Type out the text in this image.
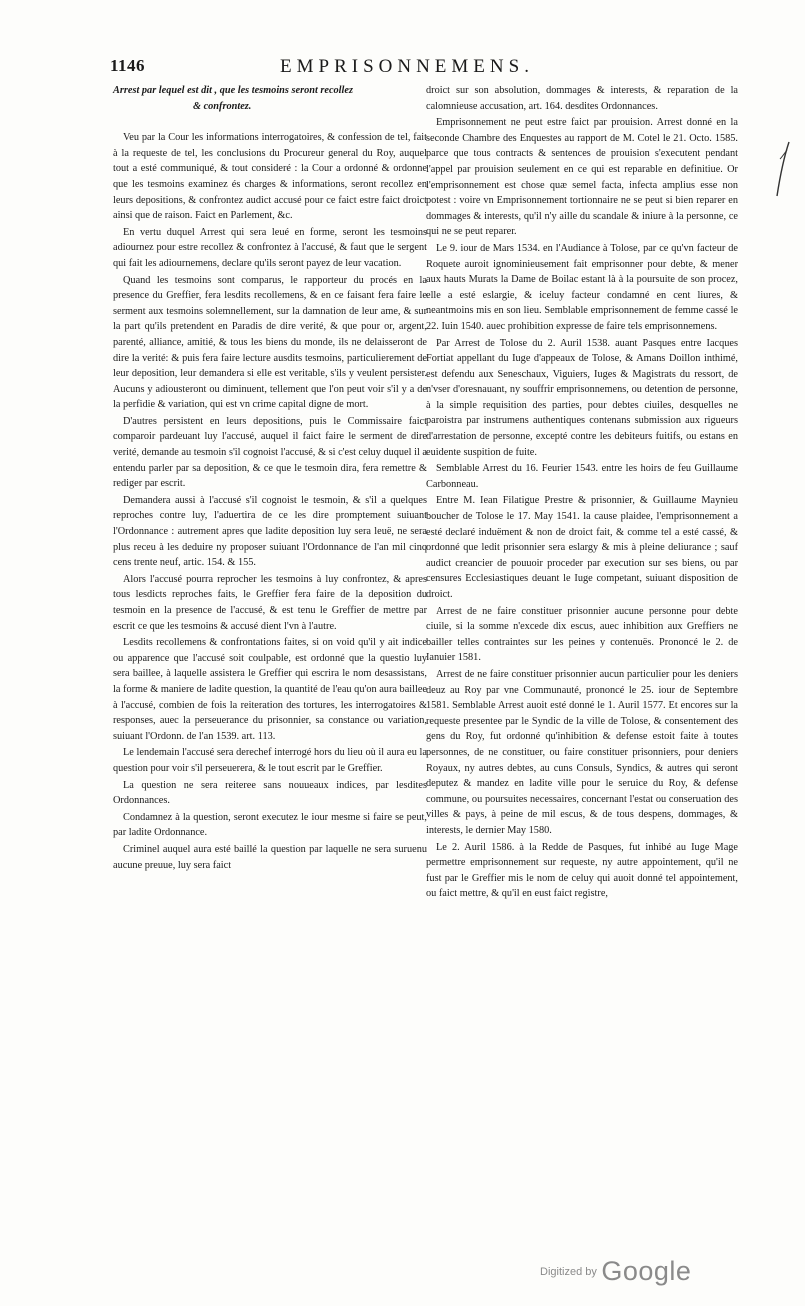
1146	EMPRISONNEMENS.

Arrest par lequel est dit , que les tesmoins seront recollez
& confrontez.

Veu par la Cour les informations interrogatoires, & confession de tel, fait à la requeste de tel, les conclusions du Procureur general du Roy, auquel tout a esté communiqué, & tout consideré : la Cour a ordonné & ordonne que les tesmoins examinez és charges & informations, seront recollez en leurs depositions, & confrontez audict accusé pour ce faict estre faict droict ainsi que de raison. Faict en Parlement, &c.

En vertu duquel Arrest qui sera leué en forme, seront les tesmoins adiournez pour estre recollez & confrontez à l'accusé, & faut que le sergent qui fait les adiournemens, declare qu'ils seront payez de leur vacation.

Quand les tesmoins sont comparus, le rapporteur du procés en la presence du Greffier, fera lesdits recollemens, & en ce faisant fera faire le serment aux tesmoins solemnellement, sur la damnation de leur ame, & sur la part qu'ils pretendent en Paradis de dire verité, & que pour or, argent, parenté, alliance, amitié, & tous les biens du monde, ils ne delaisseront de dire la verité: & puis fera faire lecture ausdits tesmoins, particulierement de leur deposition, leur demandera si elle est veritable, s'ils y veulent persister. Aucuns y adiousteront ou diminuent, tellement que l'on peut voir s'il y a de la perfidie & variation, qui est vn crime capital digne de mort.

D'autres persistent en leurs depositions, puis le Commissaire faict comparoir pardeuant luy l'accusé, auquel il faict faire le serment de dire verité, demande au tesmoin s'il cognoist l'accusé, & si c'est celuy duquel il a entendu parler par sa deposition, & ce que le tesmoin dira, fera remettre & rediger par escrit.

Demandera aussi à l'accusé s'il cognoist le tesmoin, & s'il a quelques reproches contre luy, l'aduertira de ce les dire promptement suiuant l'Ordonnance : autrement apres que ladite deposition luy sera leuë, ne sera plus receu à les deduire ny proposer suiuant l'Ordonnance de l'an mil cinq cens trente neuf, artic. 154. & 155.

Alors l'accusé pourra reprocher les tesmoins à luy confrontez, & apres tous lesdicts reproches faits, le Greffier fera faire de la deposition du tesmoin en la presence de l'accusé, & est tenu le Greffier de mettre par escrit ce que les tesmoins & accusé dient l'vn à l'autre.

Lesdits recollemens & confrontations faites, si on void qu'il y ait indice ou apparence que l'accusé soit coulpable, est ordonné que la questio luy sera baillee, à laquelle assistera le Greffier qui escrira le nom desassistans, la forme & maniere de ladite question, la quantité de l'eau qu'on aura baillee à l'accusé, combien de fois la reiteration des tortures, les interrogatoires & responses, auec la perseuerance du prisonnier, sa constance ou variation, suiuant l'Ordonn. de l'an 1539. art. 113.

Le lendemain l'accusé sera derechef interrogé hors du lieu où il aura eu la question pour voir s'il perseuerera, & le tout escrit par le Greffier.

La question ne sera reiteree sans nouueaux indices, par lesdites Ordonnances.

Condamnez à la question, seront executez le iour mesme si faire se peut, par ladite Ordonnance.

Criminel auquel aura esté baillé la question par laquelle ne sera suruenu aucune preuue, luy sera faict

droict sur son absolution, dommages & interests, & reparation de la calomnieuse accusation, art. 164. desdites Ordonnances.

Emprisonnement ne peut estre faict par prouision. Arrest donné en la seconde Chambre des Enquestes au rapport de M. Cotel le 21. Octo. 1585. parce que tous contracts & sentences de prouision s'executent pendant l'appel par prouision seulement en ce qui est reparable en definitiue. Or l'emprisonnement est chose quæ semel facta, infecta amplius esse non potest : voire vn Emprisonnement tortionnaire ne se peut si bien reparer en dommages & interests, qu'il n'y aille du scandale & iniure à la personne, ce qui ne se peut reparer.

Le 9. iour de Mars 1534. en l'Audiance à Tolose, par ce qu'vn facteur de Roquete auroit ignominieusement fait emprisonner pour debte, & mener aux hauts Murats la Dame de Boilac estant là à la poursuite de son procez, elle a esté eslargie, & iceluy facteur condamné en cent liures, & neantmoins mis en son lieu. Semblable emprisonnement de femme cassé le 22. Iuin 1540. auec prohibition expresse de faire tels emprisonnemens.

Par Arrest de Tolose du 2. Auril 1538. auant Pasques entre Iacques Fortiat appellant du Iuge d'appeaux de Tolose, & Amans Doillon inthimé, est defendu aux Seneschaux, Viguiers, Iuges & Magistrats du ressort, de n'vser d'oresnauant, ny souffrir emprisonnemens, ou detention de personne, à la simple requisition des parties, pour debtes ciuiles, desquelles ne paroistra par instrumens authentiques contenans submission aux rigueurs d'arrestation de personne, excepté contre les debiteurs fuitifs, ou estans en euidente suspition de fuite.

Semblable Arrest du 16. Feurier 1543. entre les hoirs de feu Guillaume Carbonneau.

Entre M. Iean Filatigue Prestre & prisonnier, & Guillaume Maynieu boucher de Tolose le 17. May 1541. la cause plaidee, l'emprisonnement a esté declaré induëment & non de droict fait, & comme tel a esté cassé, & ordonné que ledit prisonnier sera eslargy & mis à pleine deliurance ; sauf audict creancier de pouuoir proceder par execution sur ses biens, ou par censures Ecclesiastiques deuant le Iuge competant, suiuant disposition de droict.

Arrest de ne faire constituer prisonnier aucune personne pour debte ciuile, si la somme n'excede dix escus, auec inhibition aux Greffiers ne bailler telles contraintes sur les peines y contenuës. Prononcé le 2. de Ianuier 1581.

Arrest de ne faire constituer prisonnier aucun particulier pour les deniers deuz au Roy par vne Communauté, prononcé le 25. iour de Septembre 1581. Semblable Arrest auoit esté donné le 1. Auril 1577. Et encores sur la requeste presentee par le Syndic de la ville de Tolose, & consentement des gens du Roy, fut ordonné qu'inhibition & defense estoit faite à toutes personnes, de ne constituer, ou faire constituer prisonniers, pour deniers Royaux, ny autres debtes, au cuns Consuls, Syndics, & autres qui seront deputez & mandez en ladite ville pour le seruice du Roy, & defense commune, ou poursuites necessaires, concernant l'estat ou conseruation des villes & pays, à peine de mil escus, & de tous despens, dommages, & interests, le dernier May 1580.

Le 2. Auril 1586. à la Redde de Pasques, fut inhibé au Iuge Mage permettre emprisonnement sur requeste, ny autre appointement, qu'il ne fust par le Greffier mis le nom de celuy qui auoit donné tel appointement, ou faict mettre, & qu'il en eust faict registre,

$^{Digitized by}$ Google
